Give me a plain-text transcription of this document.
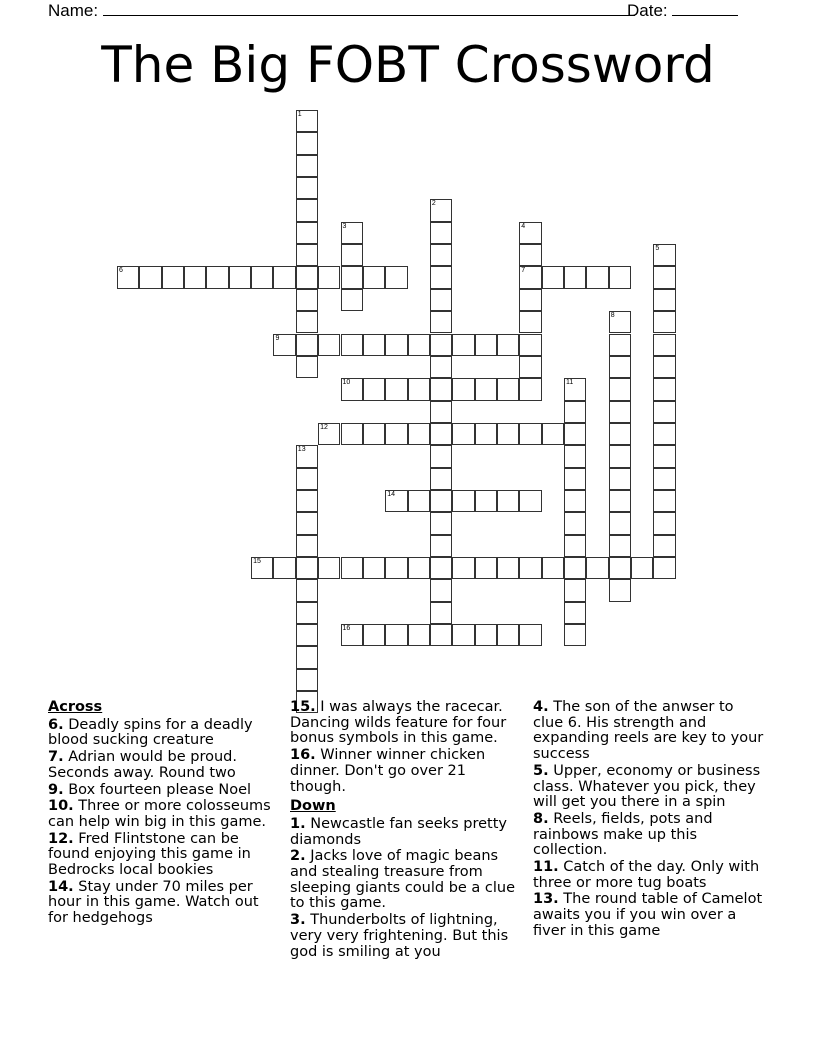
Name:	Date:
The Big FOBT Crossword
1
2
3	4
7
5
6
8
9
10	11
12
13
14
15
16
Across
6. Deadly spins for a deadly blood sucking creature
7. Adrian would be proud. Seconds away. Round two
9. Box fourteen please Noel
10. Three or more colosseums can help win big in this game.
12. Fred Flintstone can be found enjoying this game in Bedrocks local bookies
14. Stay under 70 miles per hour in this game. Watch out for hedgehogs
15. I was always the racecar. Dancing wilds feature for four bonus symbols in this game.
16. Winner winner chicken dinner. Don't go over 21 though.
Down
1. Newcastle fan seeks pretty diamonds
2. Jacks love of magic beans and stealing treasure from sleeping giants could be a clue to this game.
3. Thunderbolts of lightning, very very frightening. But this god is smiling at you
4. The son of the anwser to clue 6. His strength and expanding reels are key to your success
5. Upper, economy or business class. Whatever you pick, they will get you there in a spin
8. Reels, fields, pots and rainbows make up this collection.
11. Catch of the day. Only with three or more tug boats
13. The round table of Camelot awaits you if you win over a fiver in this game
